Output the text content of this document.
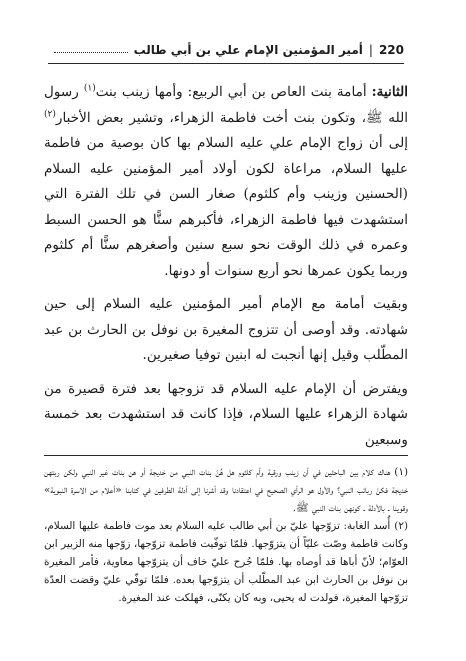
220
|
أمير المؤمنين الإمام علي بن أبي طالب

الثانية: أمامة بنت العاص بن أبي الربيع: وأمها زينب بنت$^{(١)}$ رسول الله ﷺ، وتكون بنت أخت فاطمة الزهراء، وتشير بعض الأخبار$^{(٢)}$ إلى أن زواج الإمام علي عليه السلام بها كان بوصية من فاطمة عليها السلام، مراعاة لكون أولاد أمير المؤمنين عليه السلام (الحسنين وزينب وأم كلثوم) صغار السن في تلك الفترة التي استشهدت فيها فاطمة الزهراء، فأكبرهم سنًّا هو الحسن السبط وعمره في ذلك الوقت نحو سبع سنين وأصغرهم سنًّا أم كلثوم وربما يكون عمرها نحو أربع سنوات أو دونها.

وبقيت أمامة مع الإمام أمير المؤمنين عليه السلام إلى حين شهادته. وقد أوصى أن تتزوج المغيرة بن نوفل بن الحارث بن عبد المطّلب وقيل إنها أنجبت له ابنين توفيا صغيرين.

ويفترض أن الإمام عليه السلام قد تزوجها بعد فترة قصيرة من شهادة الزهراء عليها السلام، فإذا كانت قد استشهدت بعد خمسة وسبعين

(١)هناك كلام بين الباحثين في أن زينب ورقية وأم كلثوم هل هُنّ بنات النبي من خديجة أو هن بنات غير النبي ولكن ربتهن خديجة فكنّ ربائب النبي؟ والأول هو الرأي الصحيح في اعتقادنا وقد أشرنا إلى أدلة الطرفين في كتابنا «أعلام من الاسرة النبوية» وقوينا ـ بالأدلة ـ كونهن بنات النبي ﷺ.

(٢)أُسد الغابة: تزوّجها عليّ بن أبي طالب عليه السلام بعد موت فاطمة عليها السلام، وكانت فاطمة وصّت عليّاً أن يتزوّجها. فلمّا توفّيت فاطمة تزوّجها، زوّجها منه الزبير ابن العوّام؛ لأنّ أباها قد أوصاه بها. فلمّا جُرح عليّ خاف أن يتزوّجها معاوية، فأمر المغيرة بن نوفل بن الحارث ابن عبد المطّلب أن يتزوّجها بعده. فلمّا توفّي عليّ وقضت العدّة تزوّجها المغيرة، فولدت له يحيى، وبه كان يكنّى، فهلكت عند المغيرة.
